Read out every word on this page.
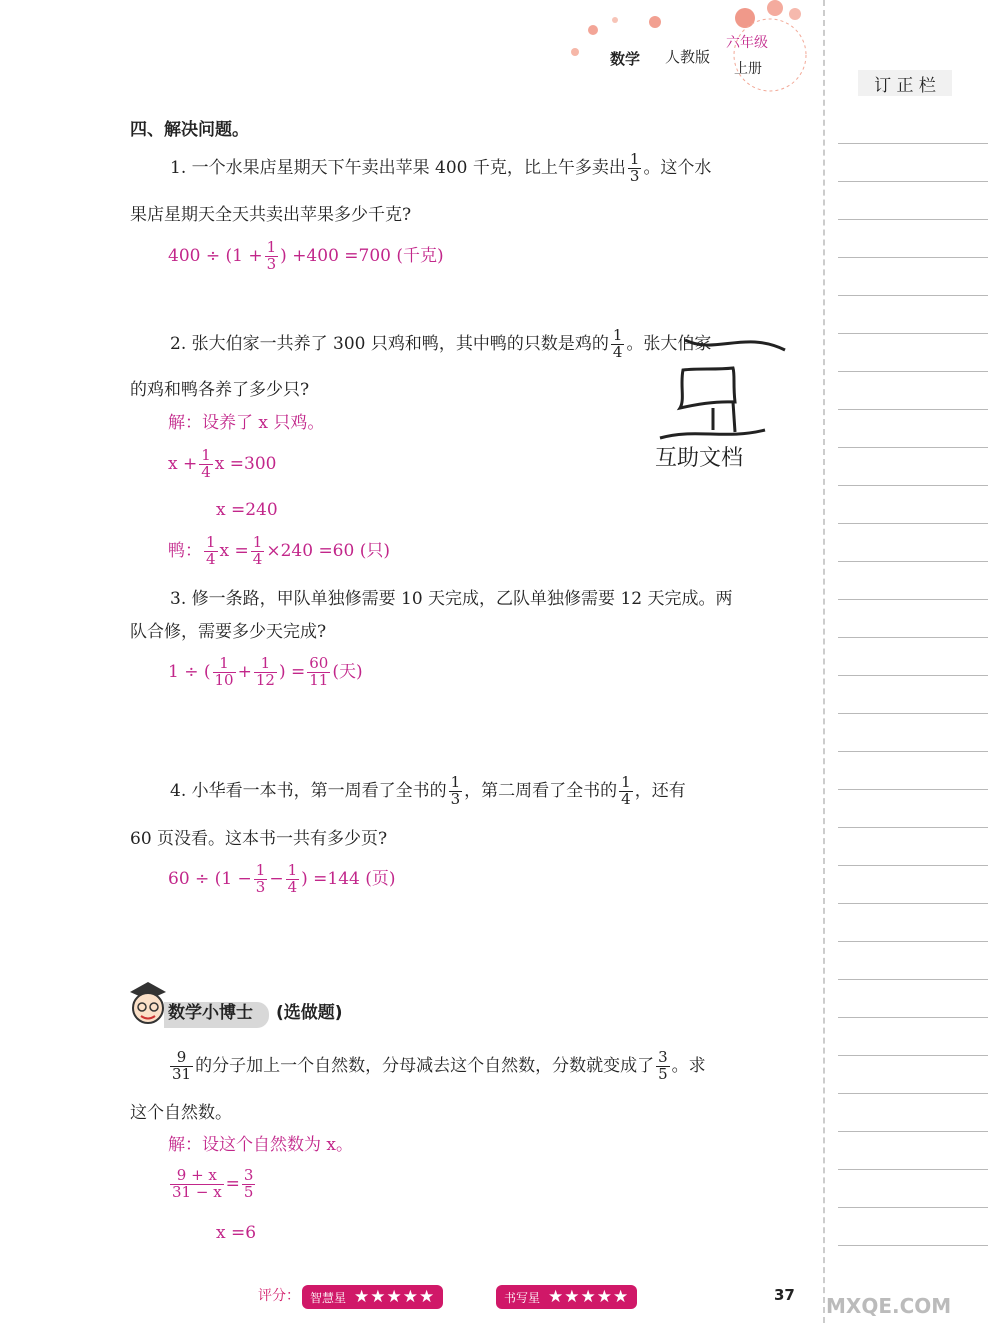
数学 人教版
六年级
上册
订 正 栏
四、解决问题。
1. 一个水果店星期天下午卖出苹果 400 千克，比上午多卖出 $\frac{1}{3}$ 。这个水
果店星期天全天共卖出苹果多少千克?
$400 \div (1 + \frac{1}{3}$ ) +400 =700 (千克)
2. 张大伯家一共养了 300 只鸡和鸭，其中鸭的只数是鸡的 $\frac{1}{4}$ 。张大伯家
的鸡和鸭各养了多少只?
解：设养了 x 只鸡。
$x + \frac{1}{4}$ x =300
x =240
鸭： $\frac{1}{4}$ $x = \frac{1}{4} \times 240 =60$ (只)
互助文档
3. 修一条路，甲队单独修需要 10 天完成，乙队单独修需要 12 天完成。两
队合修，需要多少天完成?
1 ÷ ( $\frac{1}{10} + \frac{1}{12}$ ) = $\frac{60}{11}$ (天)
4. 小华看一本书，第一周看了全书的 $\frac{1}{3}$ ，第二周看了全书的 $\frac{1}{4}$ ，还有
60 页没看。这本书一共有多少页?
$60 \div (1 - \frac{1}{3} - \frac{1}{4}$ ) =144 (页)
数学小博士 (选做题)
$\frac{9}{31}$ 的分子加上一个自然数，分母减去这个自然数，分数就变成了 $\frac{3}{5}$ 。求
这个自然数。
解：设这个自然数为 x。
$\frac{9 + x}{31 - x} = \frac{3}{5}$
x =6
评分： 智慧星 ★★★★★	书写星 ★★★★★	37 MXQE.COM
